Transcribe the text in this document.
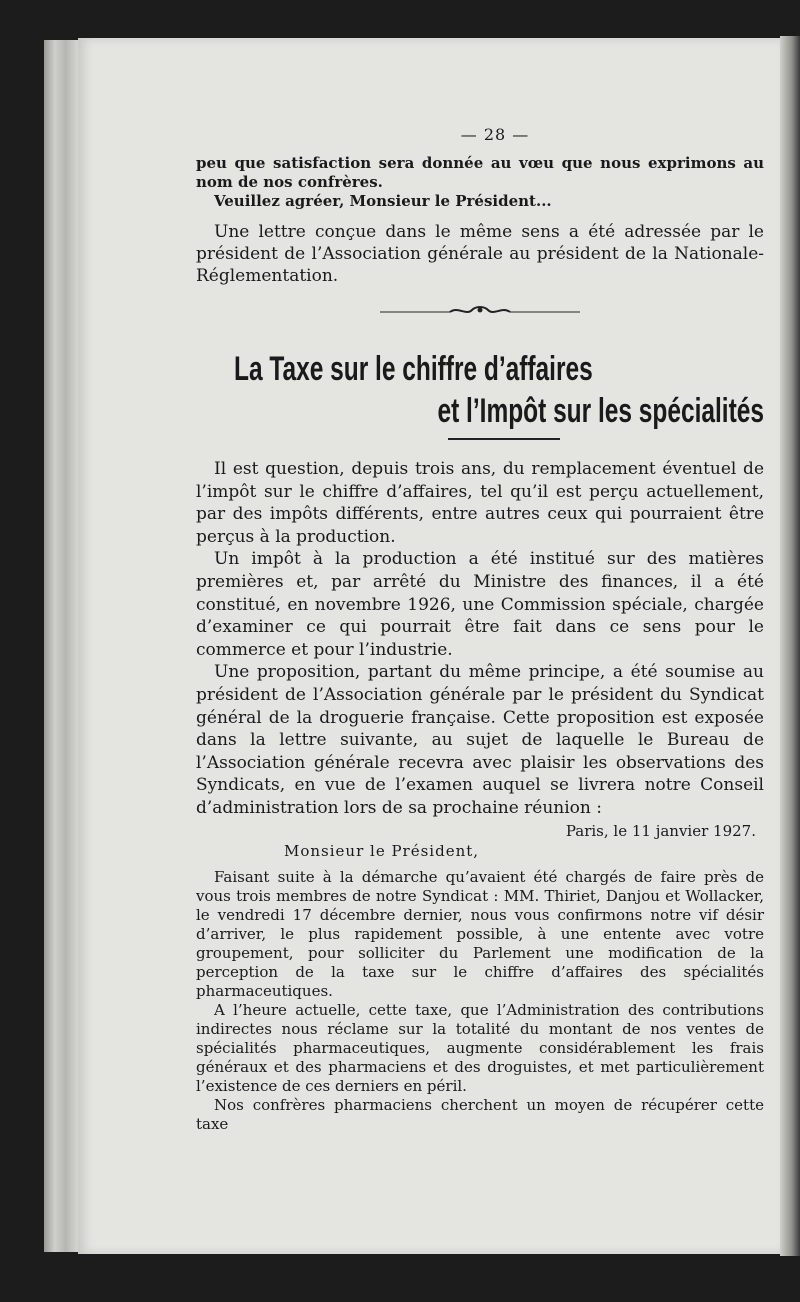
— 28 —

peu que satisfaction sera donnée au vœu que nous exprimons au nom de nos confrères.

Veuillez agréer, Monsieur le Président...

Une lettre conçue dans le même sens a été adressée par le président de l’Association générale au président de la Nationale-Réglementation.

La Taxe sur le chiffre d’affaires
et l’Impôt sur les spécialités

Il est question, depuis trois ans, du remplacement éventuel de l’impôt sur le chiffre d’affaires, tel qu’il est perçu actuellement, par des impôts différents, entre autres ceux qui pourraient être perçus à la production.

Un impôt à la production a été institué sur des matières premières et, par arrêté du Ministre des finances, il a été constitué, en novembre 1926, une Commission spéciale, chargée d’examiner ce qui pourrait être fait dans ce sens pour le commerce et pour l’industrie.

Une proposition, partant du même principe, a été soumise au président de l’Association générale par le président du Syndicat général de la droguerie française. Cette proposition est exposée dans la lettre suivante, au sujet de laquelle le Bureau de l’Association générale recevra avec plaisir les observations des Syndicats, en vue de l’examen auquel se livrera notre Conseil d’administration lors de sa prochaine réunion :

Paris, le 11 janvier 1927.
Monsieur le Président,

Faisant suite à la démarche qu’avaient été chargés de faire près de vous trois membres de notre Syndicat : MM. Thiriet, Danjou et Wollacker, le vendredi 17 décembre dernier, nous vous confirmons notre vif désir d’arriver, le plus rapidement possible, à une entente avec votre groupement, pour solliciter du Parlement une modification de la perception de la taxe sur le chiffre d’affaires des spécialités pharmaceutiques.

A l’heure actuelle, cette taxe, que l’Administration des contributions indirectes nous réclame sur la totalité du montant de nos ventes de spécialités pharmaceutiques, augmente considérablement les frais généraux et des pharmaciens et des droguistes, et met particulièrement l’existence de ces derniers en péril.

Nos confrères pharmaciens cherchent un moyen de récupérer cette taxe
